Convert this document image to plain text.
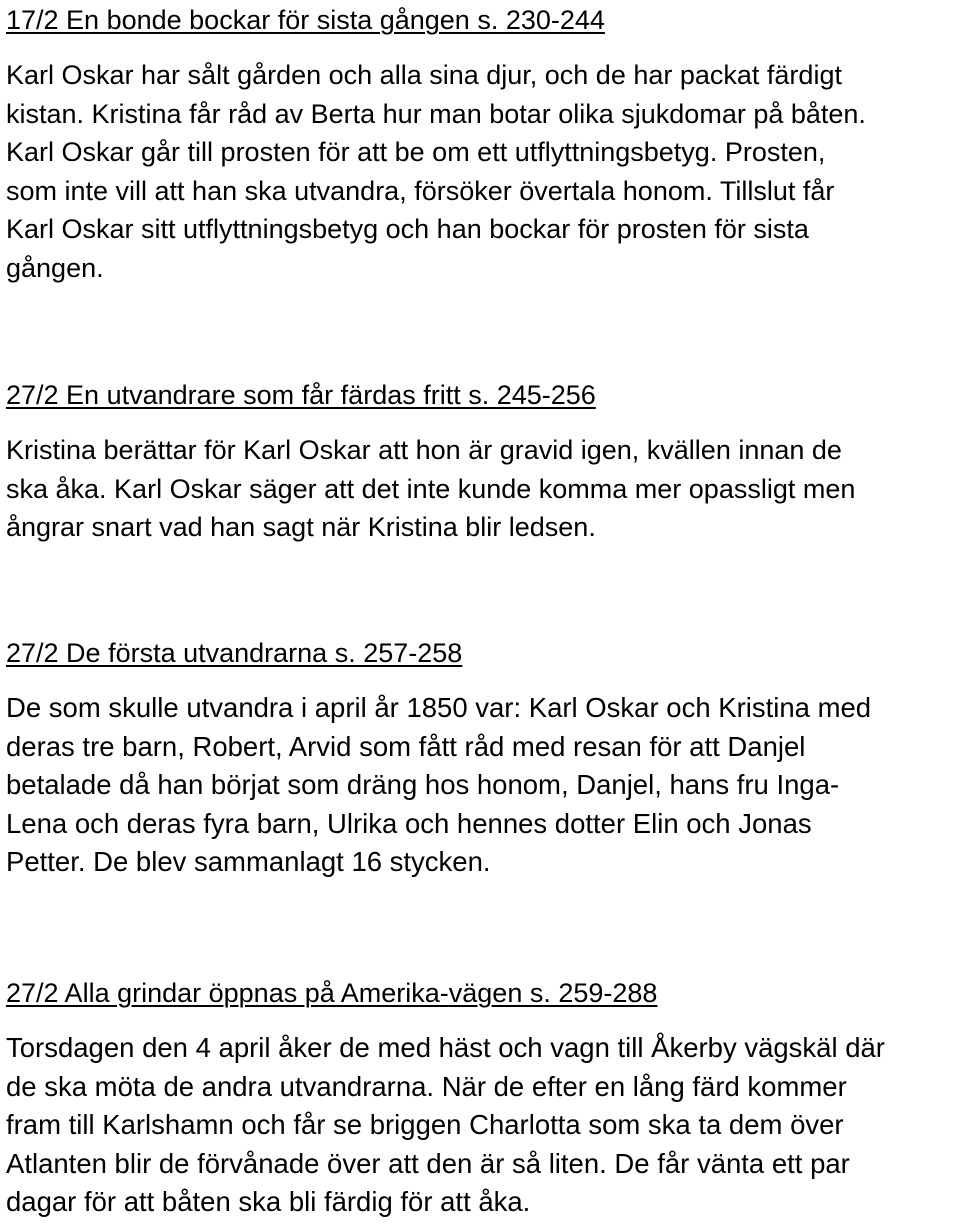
17/2 En bonde bockar för sista gången s. 230-244
Karl Oskar har sålt gården och alla sina djur, och de har packat färdigt
kistan. Kristina får råd av Berta hur man botar olika sjukdomar på båten.
Karl Oskar går till prosten för att be om ett utflyttningsbetyg. Prosten,
som inte vill att han ska utvandra, försöker övertala honom. Tillslut får
Karl Oskar sitt utflyttningsbetyg och han bockar för prosten för sista
gången.
27/2 En utvandrare som får färdas fritt s. 245-256
Kristina berättar för Karl Oskar att hon är gravid igen, kvällen innan de
ska åka. Karl Oskar säger att det inte kunde komma mer opassligt men
ångrar snart vad han sagt när Kristina blir ledsen.
27/2 De första utvandrarna s. 257-258
De som skulle utvandra i april år 1850 var: Karl Oskar och Kristina med
deras tre barn, Robert, Arvid som fått råd med resan för att Danjel
betalade då han börjat som dräng hos honom, Danjel, hans fru Inga-
Lena och deras fyra barn, Ulrika och hennes dotter Elin och Jonas
Petter. De blev sammanlagt 16 stycken.
27/2 Alla grindar öppnas på Amerika-vägen s. 259-288
Torsdagen den 4 april åker de med häst och vagn till Åkerby vägskäl där
de ska möta de andra utvandrarna. När de efter en lång färd kommer
fram till Karlshamn och får se briggen Charlotta som ska ta dem över
Atlanten blir de förvånade över att den är så liten. De får vänta ett par
dagar för att båten ska bli färdig för att åka.
